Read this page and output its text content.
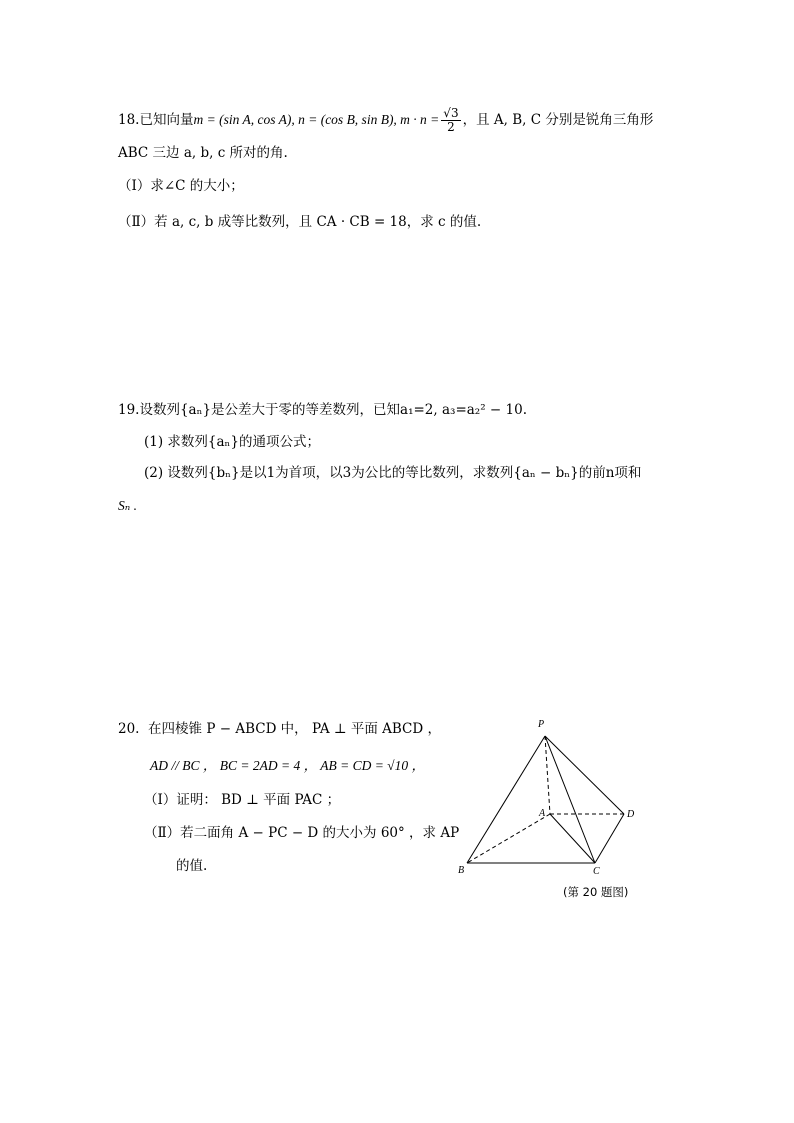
18.已知向量m = (sin A, cos A), n = (cos B, sin B), $m \cdot n = \frac{√3}{2}$ ，且 A, B, C 分别是锐角三角形
ABC 三边 a, b, c 所对的角.
（Ⅰ）求∠C 的大小；
（Ⅱ）若 a, c, b 成等比数列，且 CA · CB = 18，求 c 的值.
19.设数列{aₙ}是公差大于零的等差数列，已知a₁=2, a₃=a₂² − 10.
(1) 求数列{aₙ}的通项公式；
(2) 设数列{bₙ}是以1为首项，以3为公比的等比数列，求数列{aₙ − bₙ}的前n项和
Sₙ .
20.  在四棱锥 P − ABCD 中， PA ⊥ 平面 ABCD ，
AD // BC ， BC = 2AD = 4 ， AB = CD = √10 ，
（Ⅰ）证明： BD ⊥ 平面 PAC ；
（Ⅱ）若二面角 A − PC − D 的大小为 60° ，求 AP
的值.
P
A
B	C
D
(第 20 题图)
